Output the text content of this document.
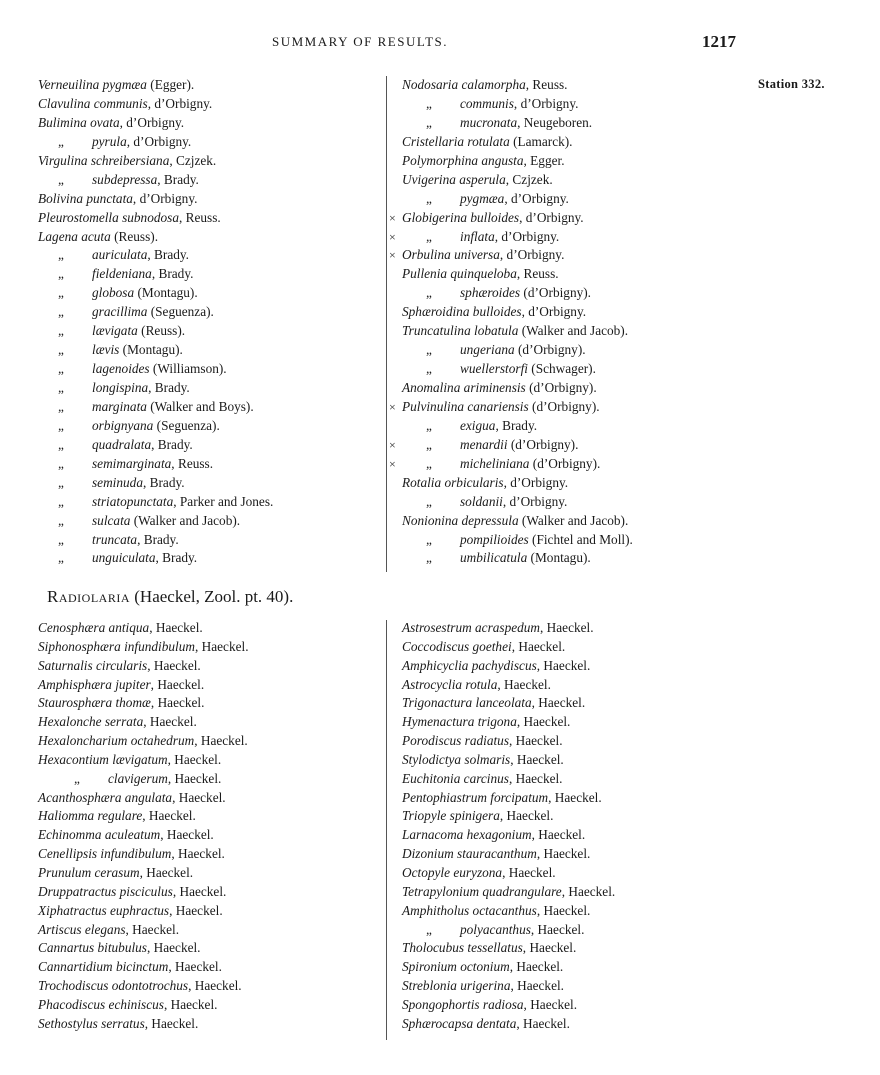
SUMMARY OF RESULTS.	1217
Station 332.
Verneuilina pygmæa (Egger).
Clavulina communis, d’Orbigny.
Bulimina ovata, d’Orbigny.
„ pyrula, d’Orbigny.
Virgulina schreibersiana, Czjzek.
„ subdepressa, Brady.
Bolivina punctata, d’Orbigny.
Pleurostomella subnodosa, Reuss.
Lagena acuta (Reuss).
„ auriculata, Brady.
„ fieldeniana, Brady.
„ globosa (Montagu).
„ gracillima (Seguenza).
„ lævigata (Reuss).
„ lævis (Montagu).
„ lagenoides (Williamson).
„ longispina, Brady.
„ marginata (Walker and Boys).
„ orbignyana (Seguenza).
„ quadralata, Brady.
„ semimarginata, Reuss.
„ seminuda, Brady.
„ striatopunctata, Parker and Jones.
„ sulcata (Walker and Jacob).
„ truncata, Brady.
„ unguiculata, Brady.
Nodosaria calamorpha, Reuss.
„ communis, d’Orbigny.
„ mucronata, Neugeboren.
Cristellaria rotulata (Lamarck).
Polymorphina angusta, Egger.
Uvigerina asperula, Czjzek.
„ pygmæa, d’Orbigny.
× Globigerina bulloides, d’Orbigny.
× „ inflata, d’Orbigny.
× Orbulina universa, d’Orbigny.
Pullenia quinqueloba, Reuss.
„ sphæroides (d’Orbigny).
Sphæroidina bulloides, d’Orbigny.
Truncatulina lobatula (Walker and Jacob).
„ ungeriana (d’Orbigny).
„ wuellerstorfi (Schwager).
Anomalina ariminensis (d’Orbigny).
× Pulvinulina canariensis (d’Orbigny).
„ exigua, Brady.
× „ menardii (d’Orbigny).
× „ micheliniana (d’Orbigny).
Rotalia orbicularis, d’Orbigny.
„ soldanii, d’Orbigny.
Nonionina depressula (Walker and Jacob).
„ pompilioides (Fichtel and Moll).
„ umbilicatula (Montagu).
Radiolaria (Haeckel, Zool. pt. 40).
Cenosphæra antiqua, Haeckel.
Siphonosphæra infundibulum, Haeckel.
Saturnalis circularis, Haeckel.
Amphisphæra jupiter, Haeckel.
Staurosphæra thomæ, Haeckel.
Hexalonche serrata, Haeckel.
Hexaloncharium octahedrum, Haeckel.
Hexacontium lævigatum, Haeckel.
„ clavigerum, Haeckel.
Acanthosphæra angulata, Haeckel.
Haliomma regulare, Haeckel.
Echinomma aculeatum, Haeckel.
Cenellipsis infundibulum, Haeckel.
Prunulum cerasum, Haeckel.
Druppatractus pisciculus, Haeckel.
Xiphatractus euphractus, Haeckel.
Artiscus elegans, Haeckel.
Cannartus bitubulus, Haeckel.
Cannartidium bicinctum, Haeckel.
Trochodiscus odontotrochus, Haeckel.
Phacodiscus echiniscus, Haeckel.
Sethostylus serratus, Haeckel.
Astrosestrum acraspedum, Haeckel.
Coccodiscus goethei, Haeckel.
Amphicyclia pachydiscus, Haeckel.
Astrocyclia rotula, Haeckel.
Trigonactura lanceolata, Haeckel.
Hymenactura trigona, Haeckel.
Porodiscus radiatus, Haeckel.
Stylodictya solmaris, Haeckel.
Euchitonia carcinus, Haeckel.
Pentophiastrum forcipatum, Haeckel.
Triopyle spinigera, Haeckel.
Larnacoma hexagonium, Haeckel.
Dizonium stauracanthum, Haeckel.
Octopyle euryzona, Haeckel.
Tetrapylonium quadrangulare, Haeckel.
Amphitholus octacanthus, Haeckel.
„ polyacanthus, Haeckel.
Tholocubus tessellatus, Haeckel.
Spironium octonium, Haeckel.
Streblonia urigerina, Haeckel.
Spongophortis radiosa, Haeckel.
Sphærocapsa dentata, Haeckel.
